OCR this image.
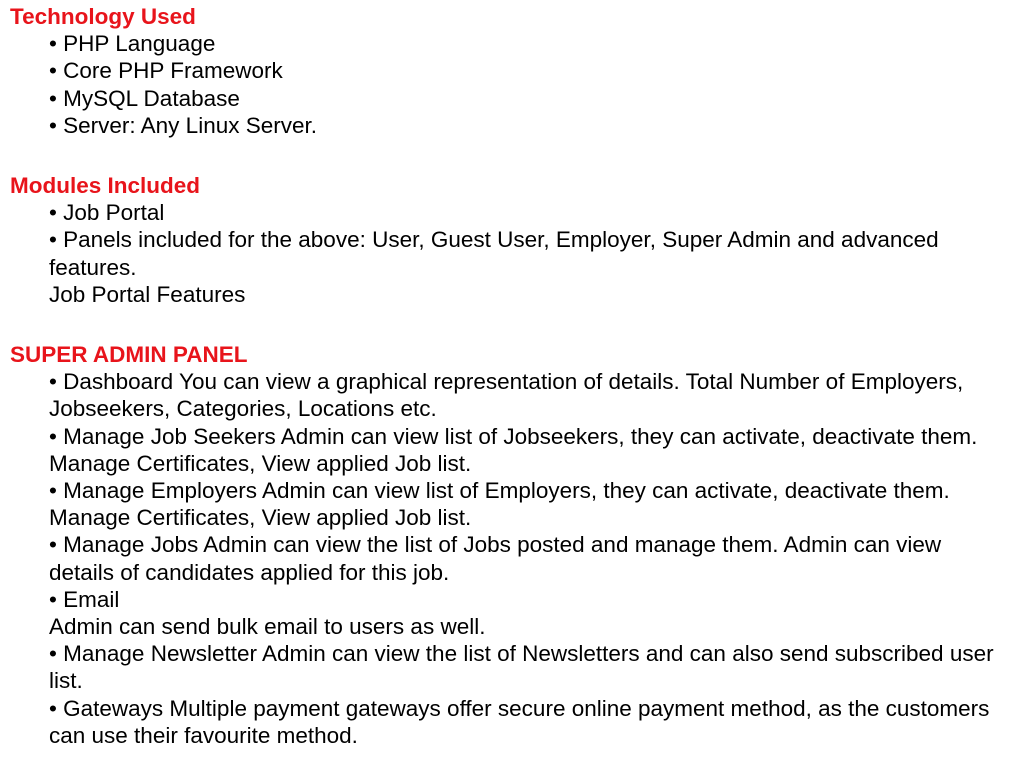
Technology Used

• PHP Language

• Core PHP Framework

• MySQL Database

• Server: Any Linux Server.

Modules Included

• Job Portal

• Panels included for the above: User, Guest User, Employer, Super Admin and advanced features.

Job Portal Features

SUPER ADMIN PANEL

• Dashboard You can view a graphical representation of details. Total Number of Employers, Jobseekers, Categories, Locations etc.

• Manage Job Seekers Admin can view list of Jobseekers, they can activate, deactivate them. Manage Certificates, View applied Job list.

• Manage Employers Admin can view list of Employers, they can activate, deactivate them. Manage Certificates, View applied Job list.

• Manage Jobs Admin can view the list of Jobs posted and manage them. Admin can view details of candidates applied for this job.

• Email

Admin can send bulk email to users as well.

• Manage Newsletter Admin can view the list of Newsletters and can also send subscribed user list.

• Gateways Multiple payment gateways offer secure online payment method, as the customers can use their favourite method.
